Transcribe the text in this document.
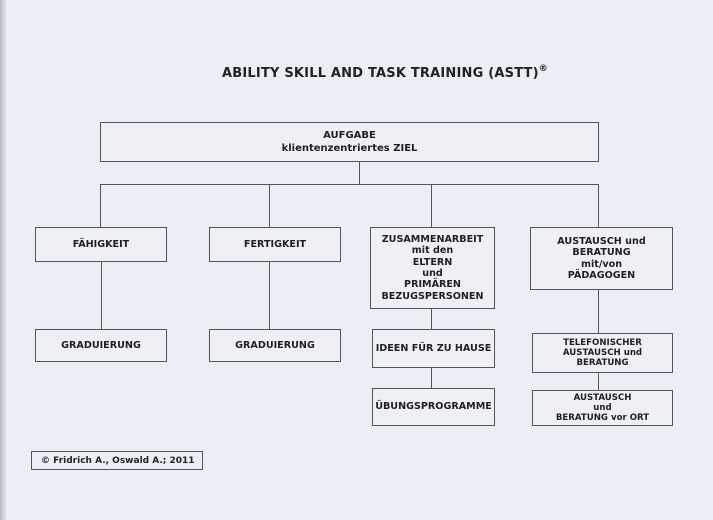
ABILITY SKILL AND TASK TRAINING (ASTT)®
AUFGABE
klientenzentriertes ZIEL
FÄHIGKEIT	FERTIGKEIT	ZUSAMMENARBEIT
mit den
ELTERN
und
PRIMÄREN
BEZUGSPERSONEN
AUSTAUSCH und
BERATUNG
mit/von
PÄDAGOGEN
GRADUIERUNG	GRADUIERUNG	IDEEN FÜR ZU HAUSE
TELEFONISCHER
AUSTAUSCH und
BERATUNG
ÜBUNGSPROGRAMME
AUSTAUSCH
und
BERATUNG vor ORT
© Fridrich A., Oswald A.; 2011
